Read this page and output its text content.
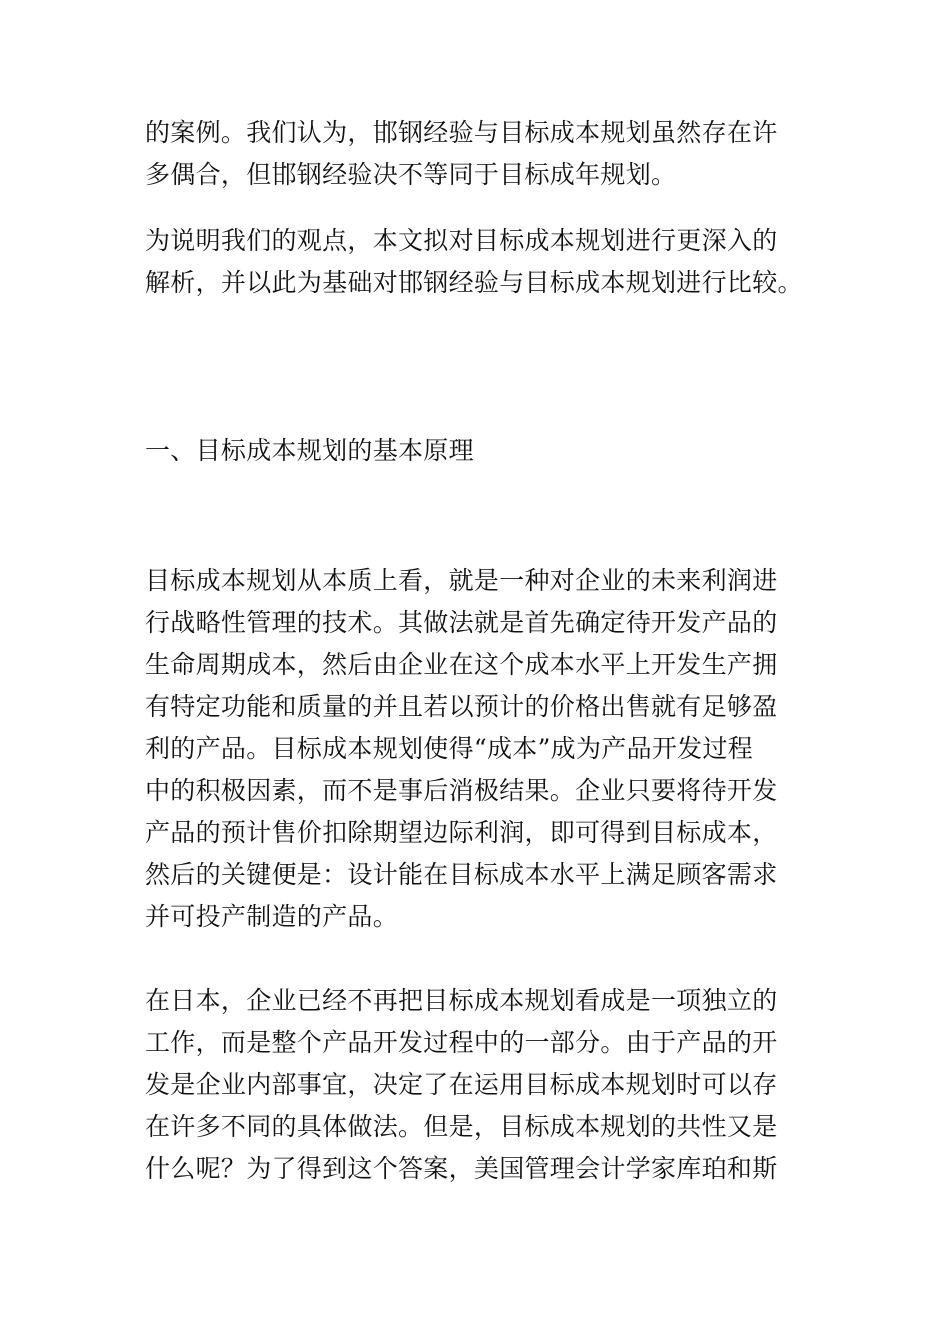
的案例。我们认为，邯钢经验与目标成本规划虽然存在许
多偶合，但邯钢经验决不等同于目标成年规划。
为说明我们的观点，本文拟对目标成本规划进行更深入的
解析，并以此为基础对邯钢经验与目标成本规划进行比较。
一、目标成本规划的基本原理
目标成本规划从本质上看，就是一种对企业的未来利润进
行战略性管理的技术。其做法就是首先确定待开发产品的
生命周期成本，然后由企业在这个成本水平上开发生产拥
有特定功能和质量的并且若以预计的价格出售就有足够盈
利的产品。目标成本规划使得“成本”成为产品开发过程
中的积极因素，而不是事后消极结果。企业只要将待开发
产品的预计售价扣除期望边际利润，即可得到目标成本，
然后的关键便是：设计能在目标成本水平上满足顾客需求
并可投产制造的产品。
在日本，企业已经不再把目标成本规划看成是一项独立的
工作，而是整个产品开发过程中的一部分。由于产品的开
发是企业内部事宜，决定了在运用目标成本规划时可以存
在许多不同的具体做法。但是，目标成本规划的共性又是
什么呢？为了得到这个答案，美国管理会计学家库珀和斯
